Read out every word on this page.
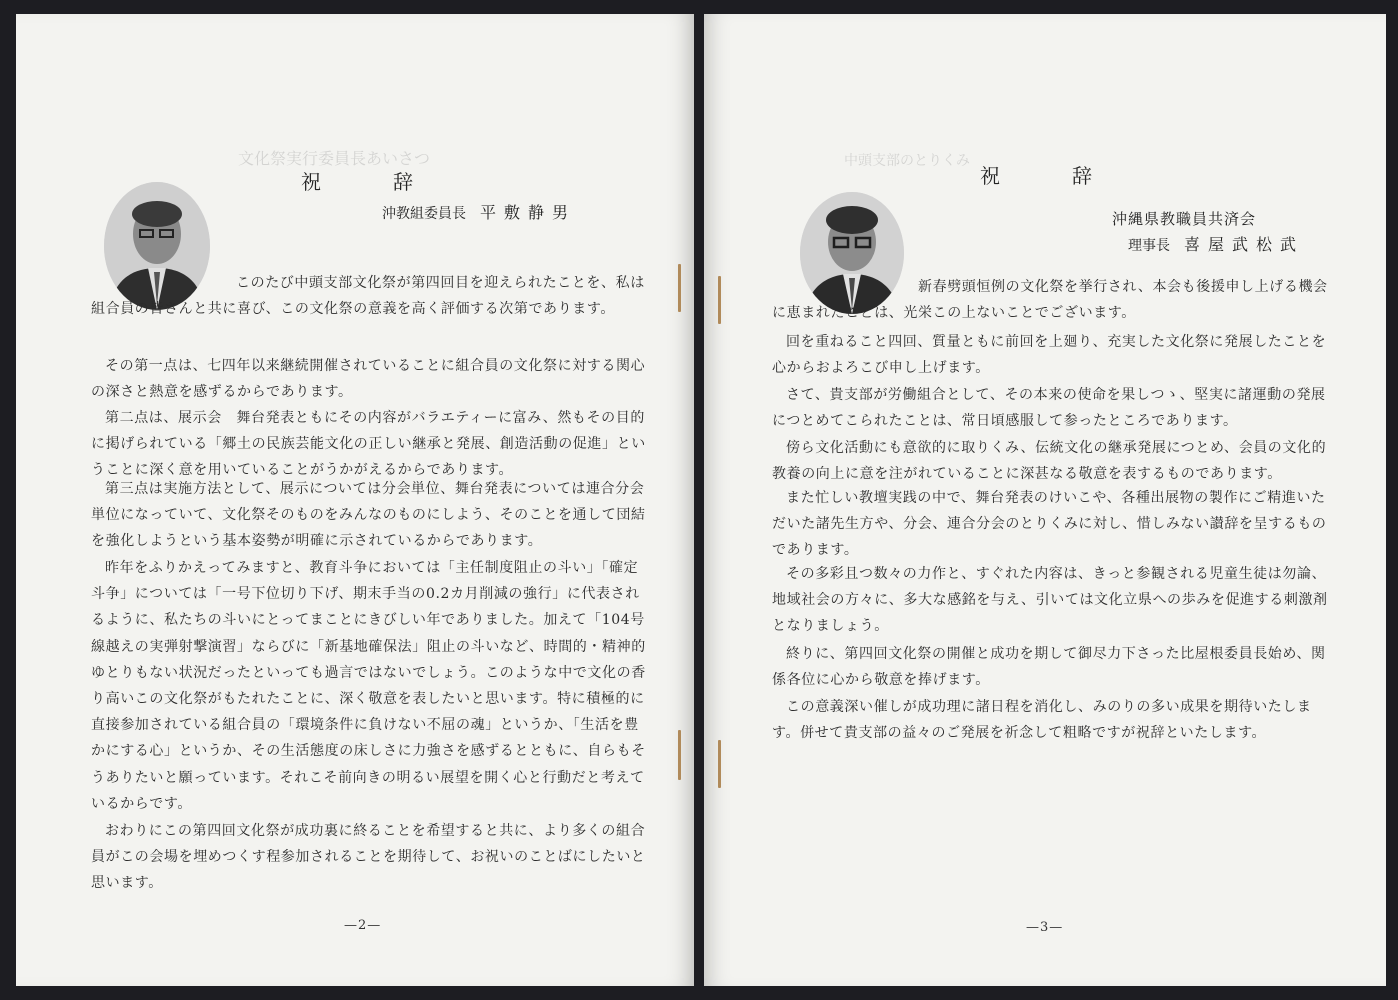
文化祭実行委員長あいさつ
祝　辞
沖教組委員長 平敷静男

このたび中頭支部文化祭が第四回目を迎えられたことを、私は組合員の皆さんと共に喜び、この文化祭の意義を高く評価する次第であります。

その第一点は、七四年以来継続開催されていることに組合員の文化祭に対する関心の深さと熱意を感ずるからであります。

第二点は、展示会　舞台発表ともにその内容がバラエティーに富み、然もその目的に掲げられている「郷土の民族芸能文化の正しい継承と発展、創造活動の促進」ということに深く意を用いていることがうかがえるからであります。

第三点は実施方法として、展示については分会単位、舞台発表については連合分会単位になっていて、文化祭そのものをみんなのものにしよう、そのことを通して団結を強化しようという基本姿勢が明確に示されているからであります。

昨年をふりかえってみますと、教育斗争においては「主任制度阻止の斗い」「確定斗争」については「一号下位切り下げ、期末手当の0.2カ月削減の強行」に代表されるように、私たちの斗いにとってまことにきびしい年でありました。加えて「104号線越えの実弾射撃演習」ならびに「新基地確保法」阻止の斗いなど、時間的・精神的ゆとりもない状況だったといっても過言ではないでしょう。このような中で文化の香り高いこの文化祭がもたれたことに、深く敬意を表したいと思います。特に積極的に直接参加されている組合員の「環境条件に負けない不屈の魂」というか、「生活を豊かにする心」というか、その生活態度の床しさに力強さを感ずるとともに、自らもそうありたいと願っています。それこそ前向きの明るい展望を開く心と行動だと考えているからです。

おわりにこの第四回文化祭が成功裏に終ることを希望すると共に、より多くの組合員がこの会場を埋めつくす程参加されることを期待して、お祝いのことばにしたいと思います。

—2—
中頭支部のとりくみ
祝　辞
沖縄県教職員共済会
理事長 喜屋武松武

新春劈頭恒例の文化祭を挙行され、本会も後援申し上げる機会に恵まれたことは、光栄この上ないことでございます。

回を重ねること四回、質量ともに前回を上廻り、充実した文化祭に発展したことを心からおよろこび申し上げます。

さて、貴支部が労働組合として、その本来の使命を果しつゝ、堅実に諸運動の発展につとめてこられたことは、常日頃感服して参ったところであります。

傍ら文化活動にも意欲的に取りくみ、伝統文化の継承発展につとめ、会員の文化的教養の向上に意を注がれていることに深甚なる敬意を表するものであります。

また忙しい教壇実践の中で、舞台発表のけいこや、各種出展物の製作にご精進いただいた諸先生方や、分会、連合分会のとりくみに対し、惜しみない讃辞を呈するものであります。

その多彩且つ数々の力作と、すぐれた内容は、きっと参観される児童生徒は勿論、地域社会の方々に、多大な感銘を与え、引いては文化立県への歩みを促進する刺激剤となりましょう。

終りに、第四回文化祭の開催と成功を期して御尽力下さった比屋根委員長始め、関係各位に心から敬意を捧げます。

この意義深い催しが成功理に諸日程を消化し、みのりの多い成果を期待いたします。併せて貴支部の益々のご発展を祈念して粗略ですが祝辞といたします。

—3—
